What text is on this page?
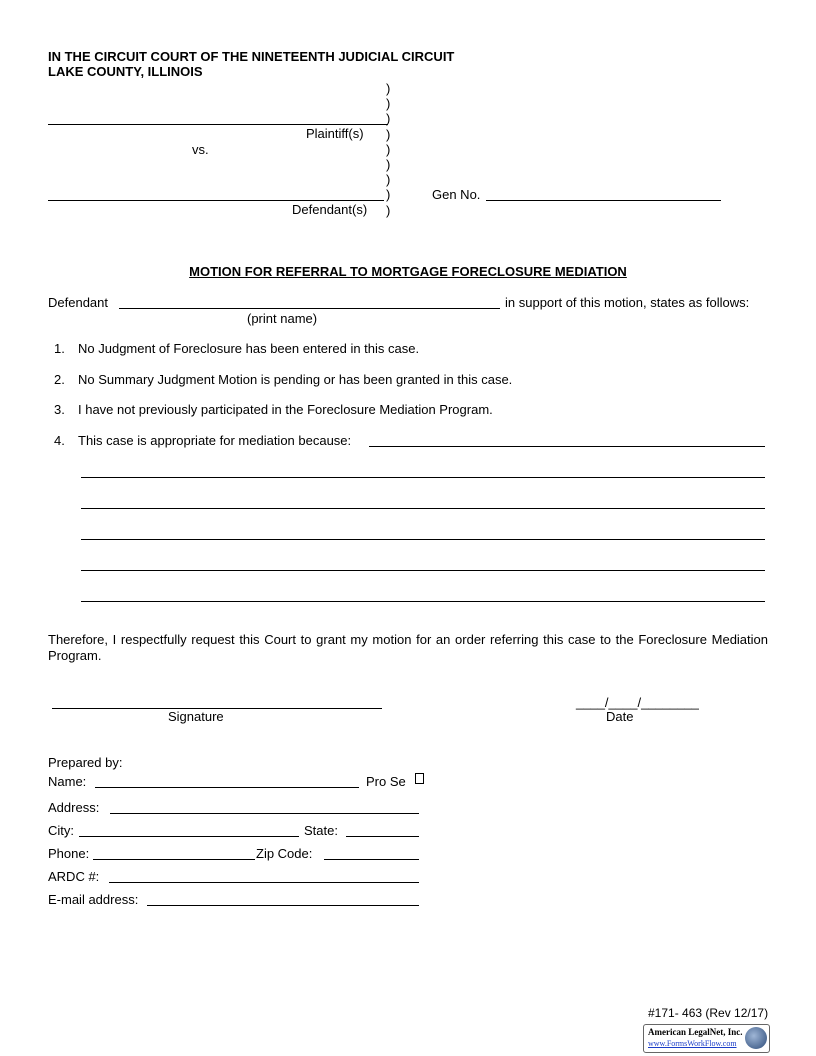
IN THE CIRCUIT COURT OF THE NINETEENTH JUDICIAL CIRCUIT
LAKE COUNTY, ILLINOIS
)
)
)
)
)
)
)
)
)
Plaintiff(s)
vs.
Defendant(s)
Gen No.
MOTION FOR REFERRAL TO MORTGAGE FORECLOSURE MEDIATION
Defendant	in support of this motion, states as follows:
(print name)
1. No Judgment of Foreclosure has been entered in this case.
2. No Summary Judgment Motion is pending or has been granted in this case.
3. I have not previously participated in the Foreclosure Mediation Program.
4. This case is appropriate for mediation because:
Therefore, I respectfully request this Court to grant my motion for an order referring this case to the Foreclosure Mediation Program.
Signature
____/____/________
Date
Prepared by:
Name:	Pro Se
Address:
City:	State:
Phone:	Zip Code:
ARDC #:
E-mail address:
#171- 463 (Rev 12/17)
American LegalNet, Inc.
www.FormsWorkFlow.com
